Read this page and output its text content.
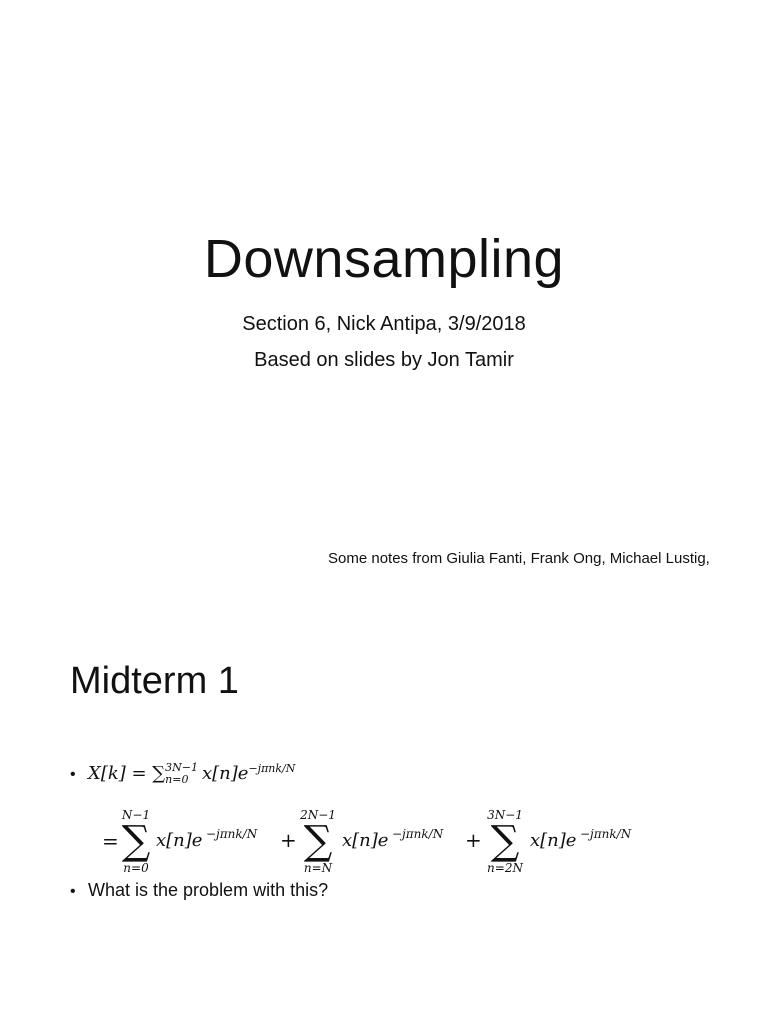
Downsampling
Section 6, Nick Antipa, 3/9/2018
Based on slides by Jon Tamir
Some notes from Giulia Fanti, Frank Ong, Michael Lustig,
Midterm 1
• X[k] = ∑ 3N−1
n=0 $x[n]e^{-j\pi nk/N}$
=
N−1
∑
n=0
x[n]e −jπnk/N +
2N−1
∑
n=N
x[n]e −jπnk/N +
3N−1
∑
n=2N
x[n]e −jπnk/N
• What is the problem with this?
